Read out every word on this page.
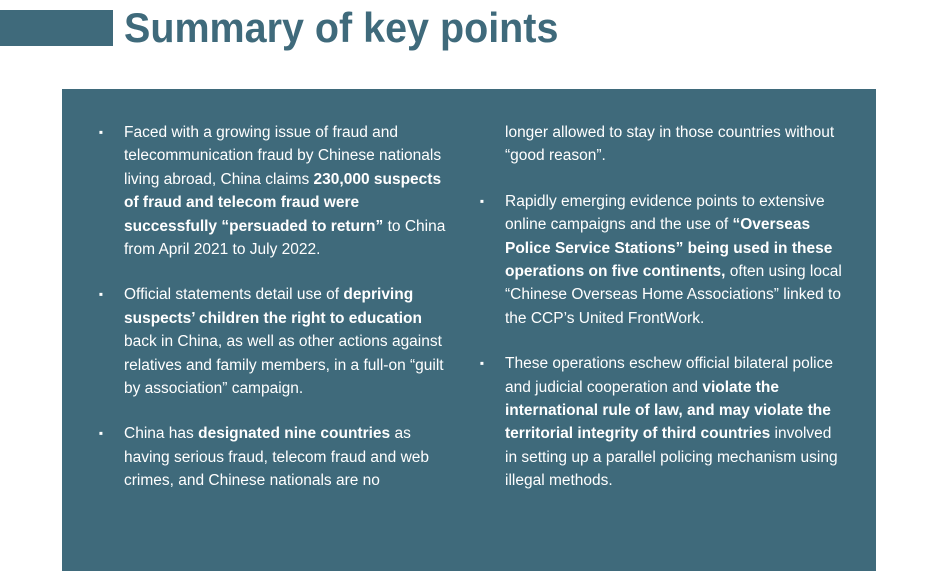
Summary of key points
▪ Faced with a growing issue of fraud and telecommunication fraud by Chinese nationals living abroad, China claims 230,000 suspects of fraud and telecom fraud were successfully “persuaded to return” to China from April 2021 to July 2022.
▪ Official statements detail use of depriving suspects’ children the right to education back in China, as well as other actions against relatives and family members, in a full-on “guilt by association” campaign.
▪ China has designated nine countries as having serious fraud, telecom fraud and web crimes, and Chinese nationals are no
longer allowed to stay in those countries without “good reason”.
▪ Rapidly emerging evidence points to extensive online campaigns and the use of “Overseas Police Service Stations” being used in these operations on five continents, often using local “Chinese Overseas Home Associations” linked to the CCP’s United FrontWork.
▪ These operations eschew official bilateral police and judicial cooperation and violate the international rule of law, and may violate the territorial integrity of third countries involved in setting up a parallel policing mechanism using illegal methods.
